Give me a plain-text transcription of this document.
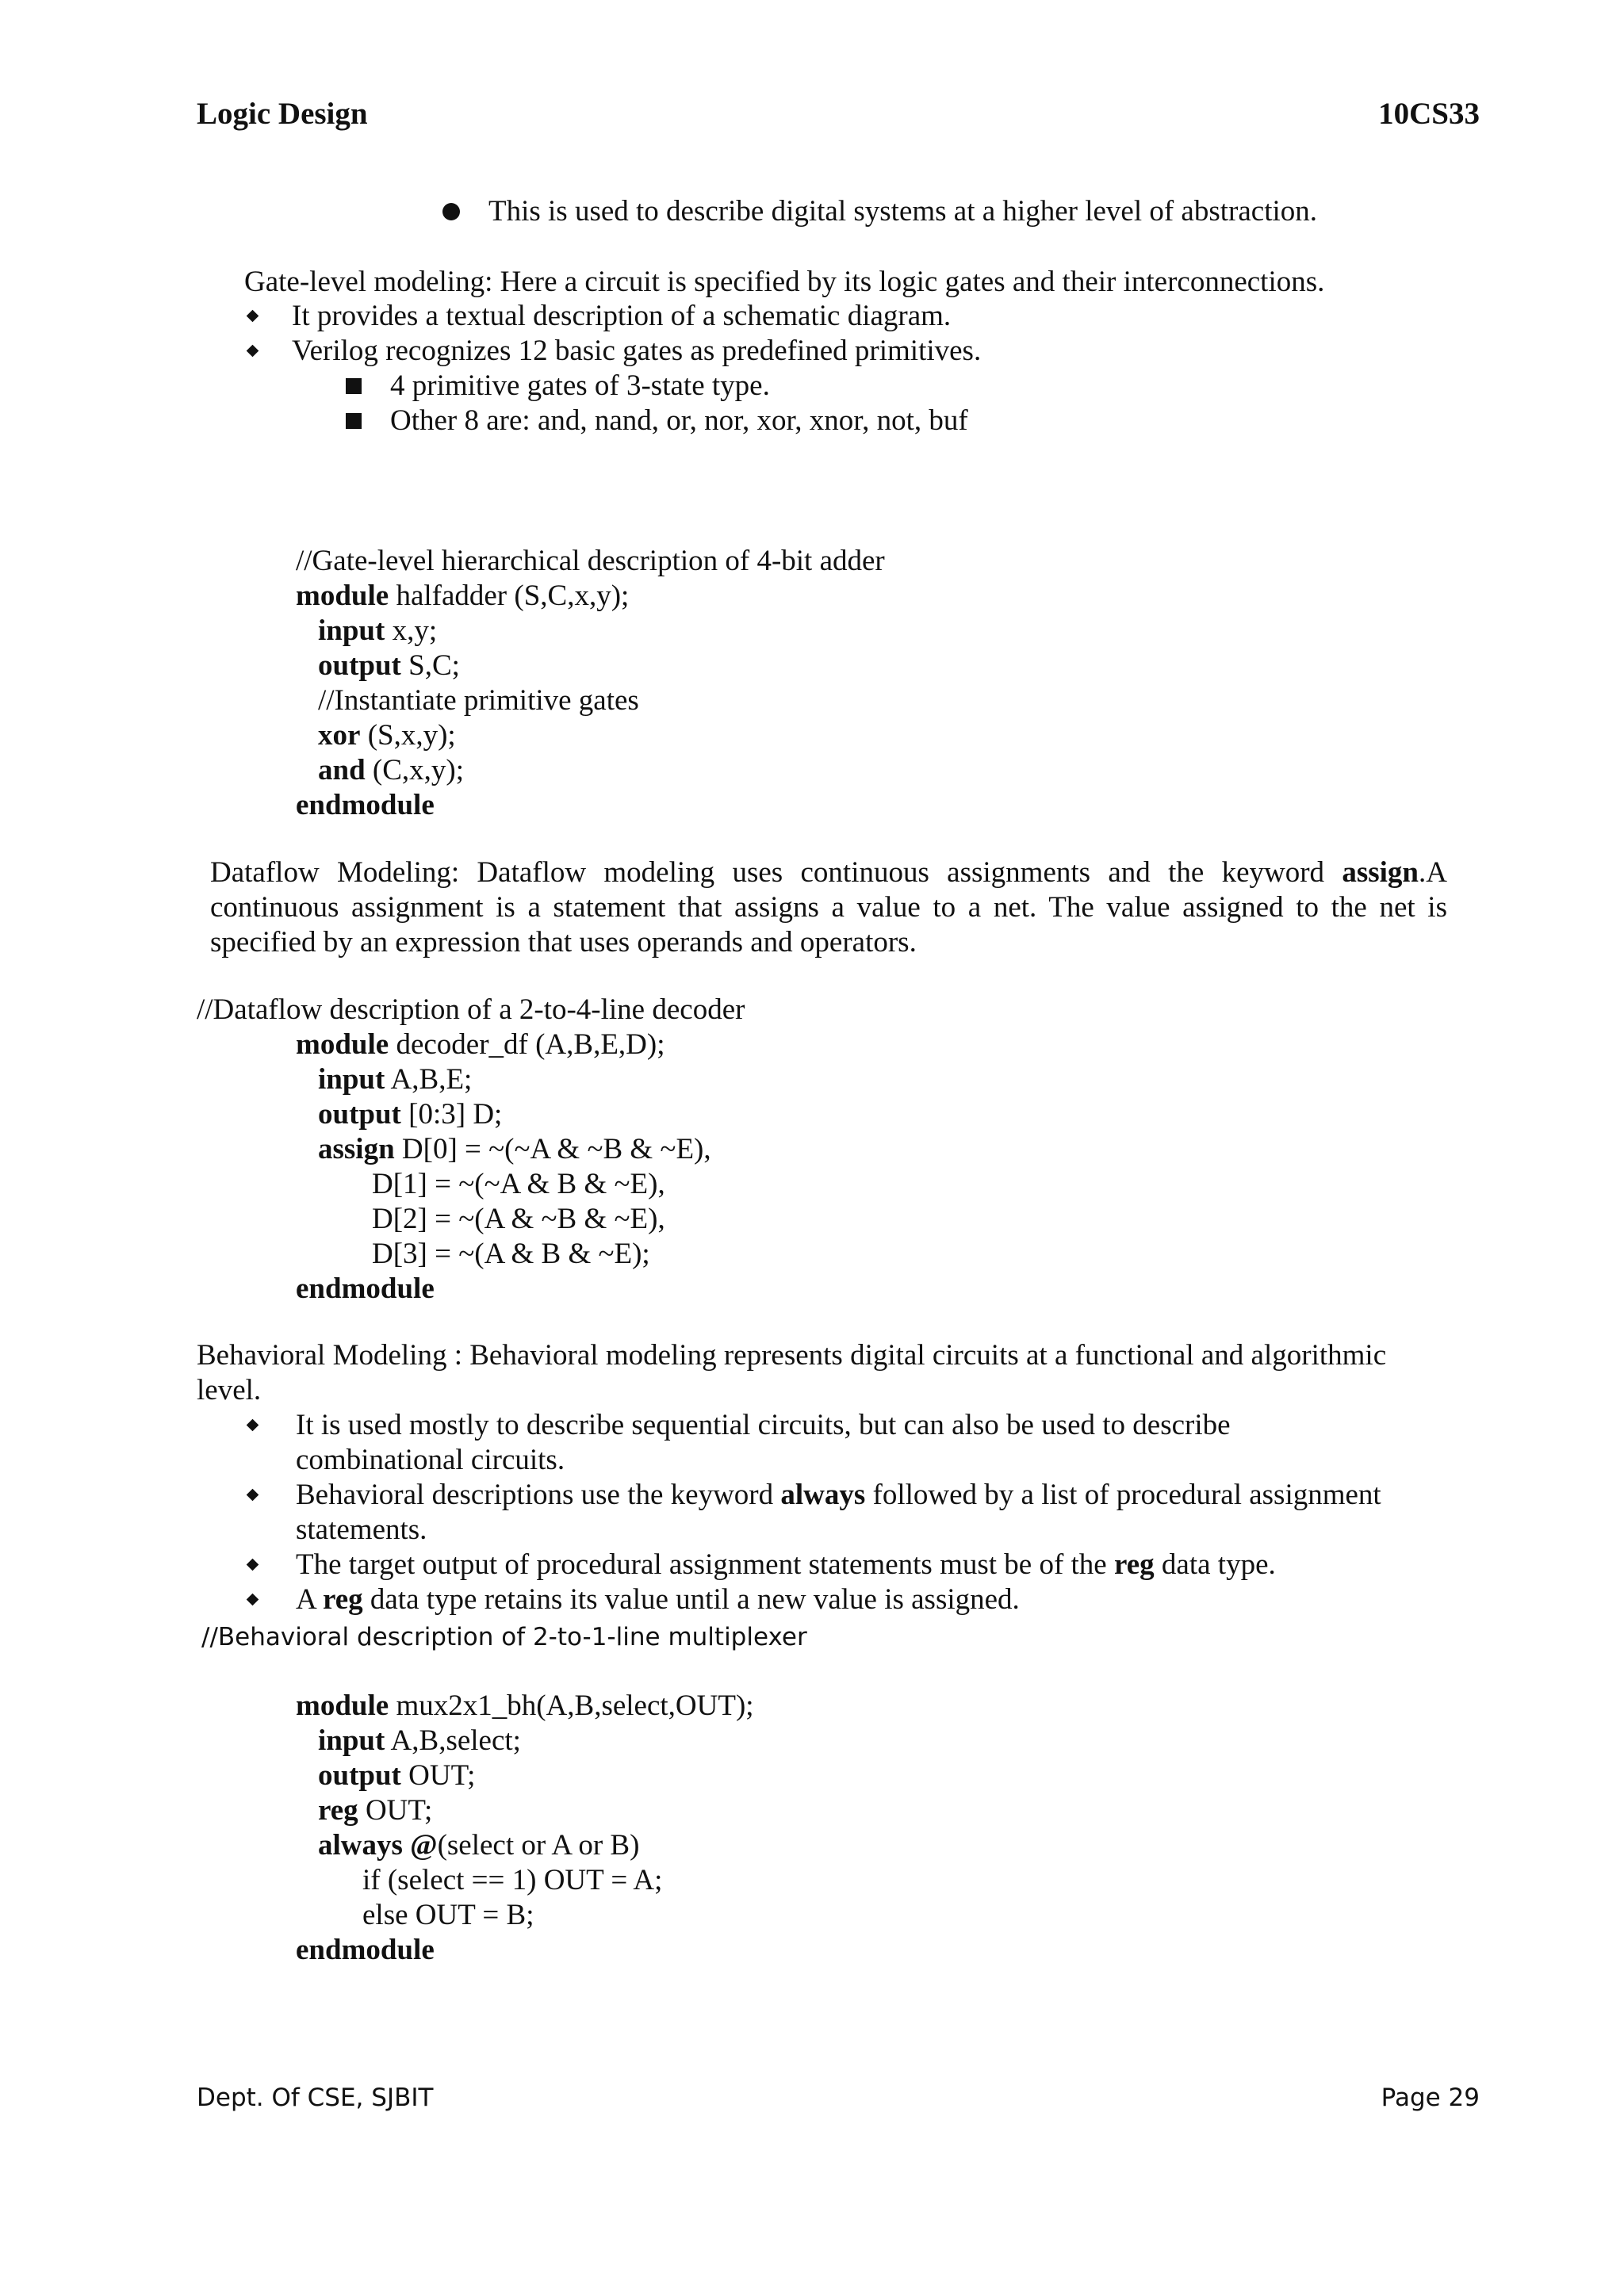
Logic Design	10CS33
This is used to describe digital systems at a higher level of abstraction.
Gate-level modeling: Here a circuit is specified by its logic gates and their interconnections.
It provides a textual description of a schematic diagram.
Verilog recognizes 12 basic gates as predefined primitives.
4 primitive gates of 3-state type.
Other 8 are: and, nand, or, nor, xor, xnor, not, buf
//Gate-level hierarchical description of 4-bit adder
module halfadder (S,C,x,y);
input x,y;
output S,C;
//Instantiate primitive gates
xor (S,x,y);
and (C,x,y);
endmodule
Dataflow Modeling: Dataflow modeling uses continuous assignments and the keyword assign.A continuous assignment is a statement that assigns a value to a net. The value assigned to the net is specified by an expression that uses operands and operators.
//Dataflow description of a 2-to-4-line decoder
module decoder_df (A,B,E,D);
input A,B,E;
output [0:3] D;
assign D[0] = ~(~A & ~B & ~E),
D[1] = ~(~A & B & ~E),
D[2] = ~(A & ~B & ~E),
D[3] = ~(A & B & ~E);
endmodule
Behavioral Modeling : Behavioral modeling represents digital circuits at a functional and algorithmic level.
It is used mostly to describe sequential circuits, but can also be used to describe
combinational circuits.
Behavioral descriptions use the keyword always followed by a list of procedural assignment
statements.
The target output of procedural assignment statements must be of the reg data type.
A reg data type retains its value until a new value is assigned.
//Behavioral description of 2-to-1-line multiplexer
module mux2x1_bh(A,B,select,OUT);
input A,B,select;
output OUT;
reg OUT;
always @(select or A or B)
if (select == 1) OUT = A;
else OUT = B;
endmodule
Dept. Of CSE, SJBIT	Page 29
